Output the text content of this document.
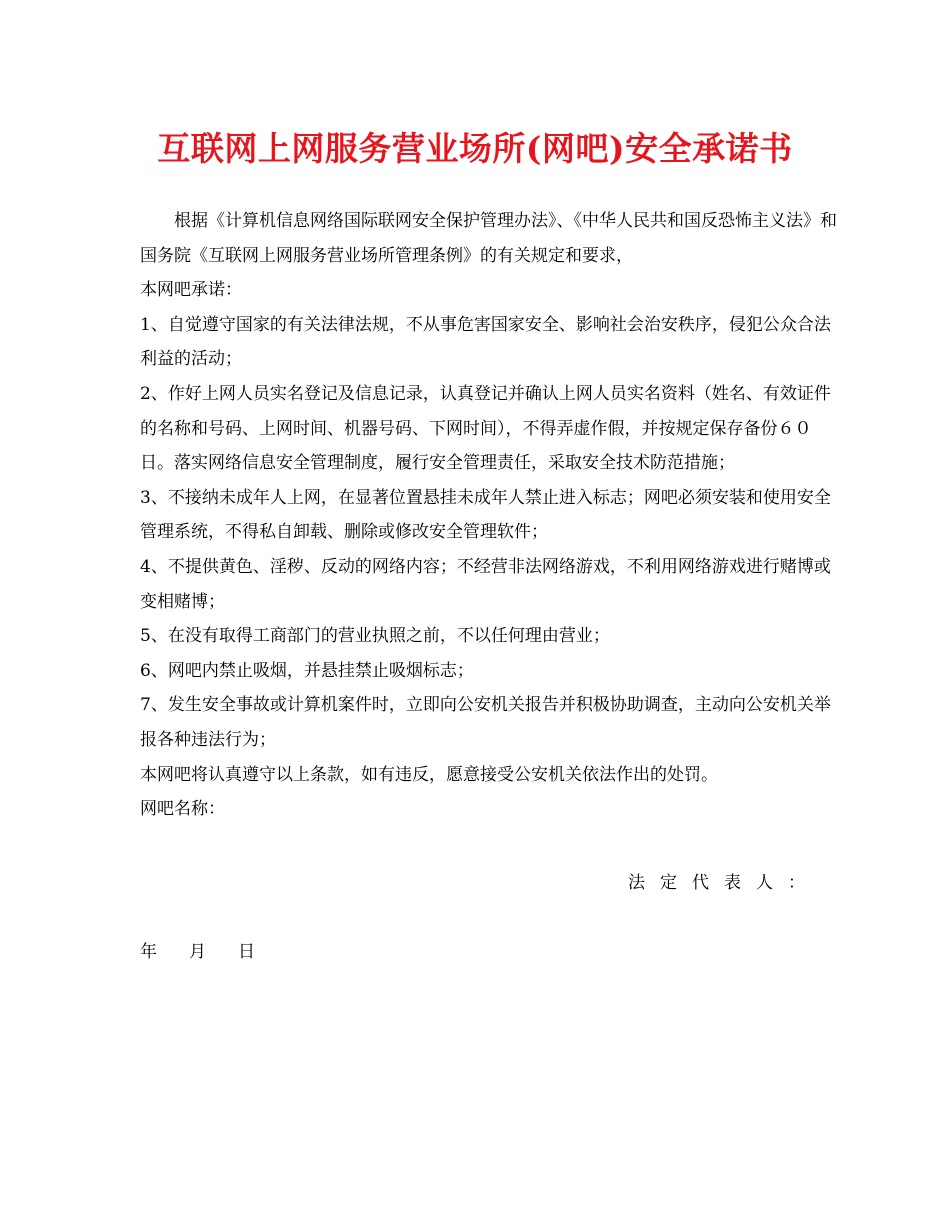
互联网上网服务营业场所(网吧)安全承诺书

根据《计算机信息网络国际联网安全保护管理办法》、《中华人民共和国反恐怖主义法》和国务院《互联网上网服务营业场所管理条例》的有关规定和要求，

本网吧承诺：

1、自觉遵守国家的有关法律法规，不从事危害国家安全、影响社会治安秩序，侵犯公众合法利益的活动；

2、作好上网人员实名登记及信息记录，认真登记并确认上网人员实名资料（姓名、有效证件的名称和号码、上网时间、机器号码、下网时间），不得弄虚作假，并按规定保存备份６０日。落实网络信息安全管理制度，履行安全管理责任，采取安全技术防范措施；

3、不接纳未成年人上网，在显著位置悬挂未成年人禁止进入标志；网吧必须安装和使用安全管理系统，不得私自卸载、删除或修改安全管理软件；

4、不提供黄色、淫秽、反动的网络内容；不经营非法网络游戏，不利用网络游戏进行赌博或变相赌博；

5、在没有取得工商部门的营业执照之前，不以任何理由营业；

6、网吧内禁止吸烟，并悬挂禁止吸烟标志；

7、发生安全事故或计算机案件时，立即向公安机关报告并积极协助调查，主动向公安机关举报各种违法行为；

本网吧将认真遵守以上条款，如有违反，愿意接受公安机关依法作出的处罚。

网吧名称：

法定代表人：
年 月 日
